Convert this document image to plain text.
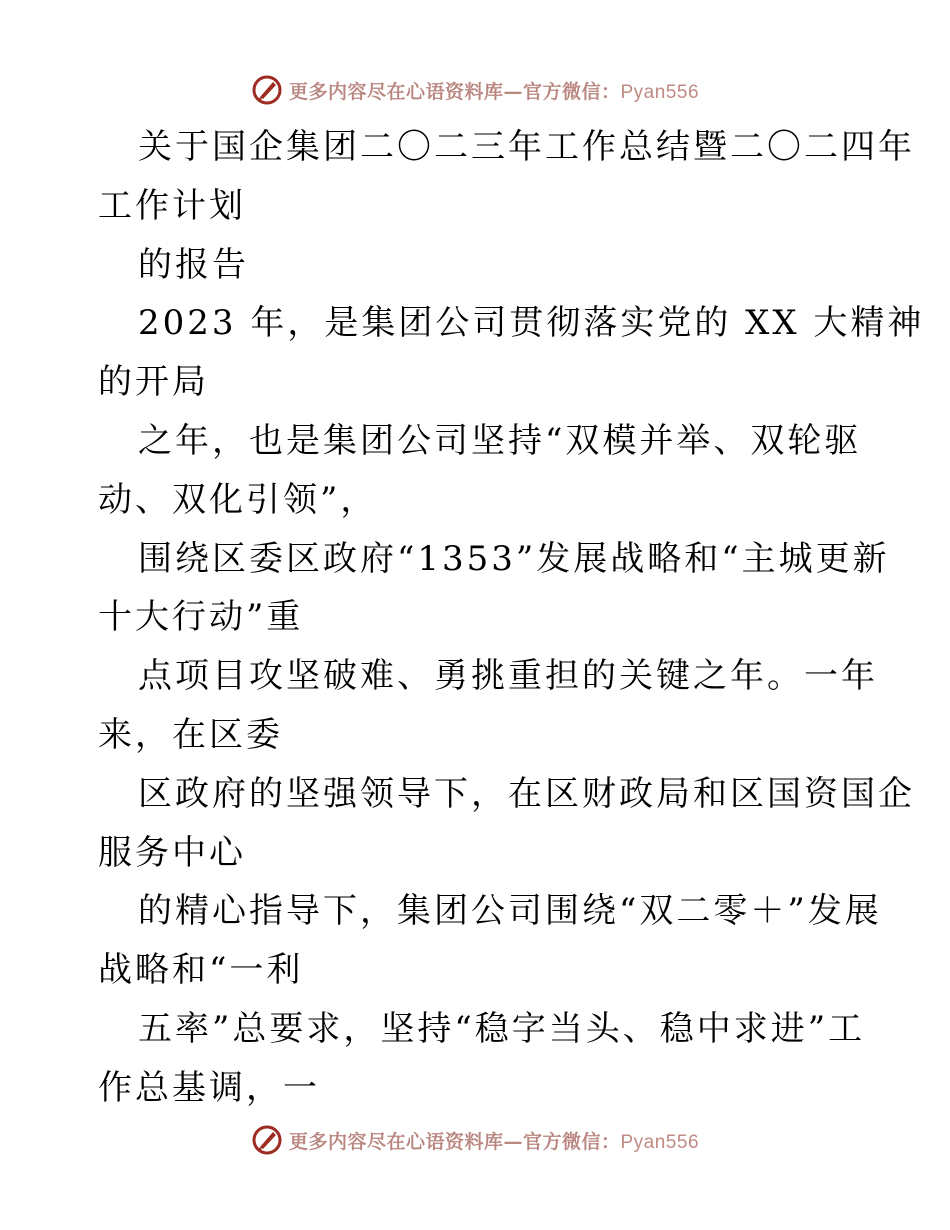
更多内容尽在心语资料库—官方微信：Pyan556
关于国企集团二〇二三年工作总结暨二〇二四年
工作计划
的报告
2023 年，是集团公司贯彻落实党的 XX 大精神
的开局
之年，也是集团公司坚持“双模并举、双轮驱
动、双化引领”，
围绕区委区政府“1353”发展战略和“主城更新
十大行动”重
点项目攻坚破难、勇挑重担的关键之年。一年
来，在区委
区政府的坚强领导下，在区财政局和区国资国企
服务中心
的精心指导下，集团公司围绕“双二零＋”发展
战略和“一利
五率”总要求，坚持“稳字当头、稳中求进”工
作总基调，一
更多内容尽在心语资料库—官方微信：Pyan556
